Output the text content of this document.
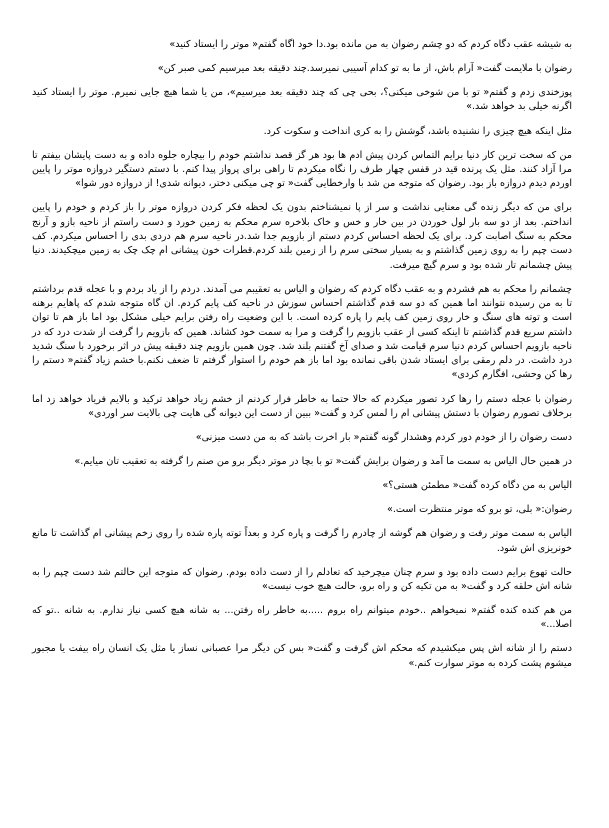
به شیشه عقب دگاه کردم که دو چشم رضوان به من مانده بود.دا خود اگاه گفتم« موتر را ایستاد کنید»

رضوان با ملایمت گفت« آرام باش، از ما به تو کدام آسیبی نمیرسد.چند دقیقه بعد میرسیم کمی صبر کن»

پوزخندی زدم و گفتم« تو با من شوخی میکنی؟، بحی چی که چند دقیقه بعد میرسیم»، من یا شما هیچ جایی نمیرم. موتر را ایستاد کنید اگرنه خیلی بد خواهد شد.»

مثل اینکه هیچ چیزی را نشنیده باشد، گوشش را به کری انداخت و سکوت کرد.

من که سخت ترین کار دنیا برایم التماس کردن پیش ادم ها بود هر گز قصد نداشتم خودم را بیچاره جلوه داده و به دست پایشان بیفتم تا مرا آزاد کنند. مثل یک پرنده قید در قفس چهار طرف را نگاه میکردم تا راهی برای پرواز پیدا کنم. با دستم دستگیر دروازه موتر را پایین اوردم دیدم دروازه باز بود. رضوان که متوجه من شد با وارخطایی گفت« تو چی میکنی دختر، دیوانه شدی! از دروازه دور شوا»

برای من که دیگر زنده گی معنایی نداشت و سر از پا نمیشناختم بدون یک لحظه فکر کردن دروازه موتر را باز کردم و خودم را پایین انداختم. بعد از دو سه بار لول خوردن در بین خار و خس و خاک بلاخره سرم محکم به زمین خورد و دست راستم از ناحیه بازو و آرنج محکم به سنگ اصابت کرد. برای یک لحظه احساس کردم دستم از بازویم جدا شد.در ناحیه سرم هم دردی بدی را احساس میکردم. کف دست چپم را به روی زمین گذاشتم و به بسیار سختی سرم را از زمین بلند کردم.قطرات خون پیشانی ام چک چک به زمین میچکیدند. دنیا پیش چشمانم تار شده بود و سرم گیچ میرفت.

چشمانم را محکم به هم فشردم و به عقب دگاه کردم که رضوان و الیاس به تعقیبم می آمدند. دردم را از یاد بردم و با عجله قدم برداشتم تا به من رسیده نتوانند اما همین که دو سه قدم گذاشتم احساس سوزش در ناحیه کف پایم کردم. ان گاه متوجه شدم که پاهایم برهنه است و توته های سنگ و خار روی زمین کف پایم را پاره کرده است. با این وضعیت راه رفتن برایم خیلی مشکل بود اما باز هم تا توان داشتم سریع قدم گذاشتم تا اینکه کسی از عقب بازویم را گرفت و مرا به سمت خود کشاند. همین که بازویم را گرفت از شدت درد که در ناحیه بازویم احساس کردم دنیا سرم قیامت شد و صدای آخ گفتنم بلند شد. چون همین بازویم چند دقیقه پیش در اثر برخورد با سنگ شدید درد داشت. در دلم رمقی برای ایستاد شدن باقی نمانده بود اما باز هم خودم را استوار گرفتم تا ضعف نکنم.با خشم زیاد گفتم« دستم را رها کن وحشی، افگارم کردی»

رضوان با عجله دستم را رها کرد تصور میکردم که حالا حتما به خاطر فرار کردنم از خشم زیاد خواهد ترکید و بالایم فریاد خواهد زد اما برخلاف تصورم رضوان با دستش پیشانی ام را لمس کرد و گفت« ببین از دست این دیوانه گی هایت چی بالایت سر اوردی»

دست رضوان را از خودم دور کردم وهشدار گونه گفتم« بار اخرت باشد که به من دست میزنی»

در همین حال الیاس به سمت ما آمد و رضوان برایش گفت« تو با بچا در موتر دیگر برو من صنم را گرفته به تعقیب تان میایم.»

الیاس به من دگاه کرده گفت« مطمئن هستی؟»

رضوان:« بلی، تو برو که موتر منتظرت است.»

الیاس به سمت موتر رفت و رضوان هم گوشه از چادرم را گرفت و پاره کرد و بعداً توته پاره شده را روی زخم پیشانی ام گذاشت تا مانع خونریزی اش شود.

حالت تهوع برایم دست داده بود و سرم چنان میچرخید که تعادلم را از دست داده بودم. رضوان که متوجه این حالتم شد دست چپم را به شانه اش حلقه کرد و گفت« به من تکیه کن و راه برو، حالت هیچ خوب نیست»

من هم کنده کنده گفتم« نمیخواهم ..خودم میتوانم راه بروم .....به خاطر راه رفتن... به شانه هیچ کسی نیاز ندارم. به شانه ..تو که اصلا...»

دستم را از شانه اش پس میکشیدم که محکم اش گرفت و گفت« بس کن دیگر مرا عصبانی نساز یا مثل یک انسان راه بیفت یا مجبور میشوم پشت کرده به موتر سوارت کنم.»
